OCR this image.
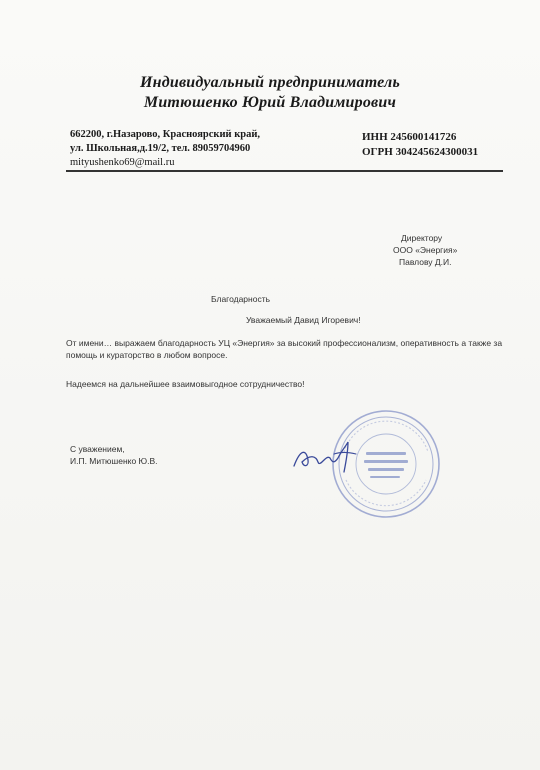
Индивидуальный предприниматель
Митюшенко Юрий Владимирович
662200, г.Назарово, Красноярский край,
ул. Школьная,д.19/2, тел. 89059704960
mityushenko69@mail.ru
ИНН 245600141726
ОГРН 304245624300031
Директору
ООО «Энергия»
Павлову Д.И.
Благодарность
Уважаемый Давид Игоревич!
От имени… выражаем благодарность УЦ «Энергия» за высокий профессионализм, оперативность а также за помощь и кураторство в любом вопросе.
Надеемся на дальнейшее взаимовыгодное сотрудничество!
С уважением,
И.П. Митюшенко Ю.В.
